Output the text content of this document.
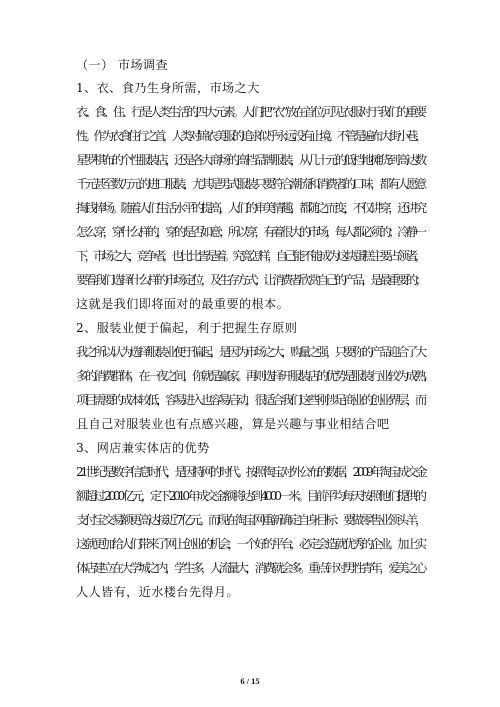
（一） 市场调查
1、衣、食乃生身所需，市场之大
衣、食、住、行是人类生活的四大元素。人们把“衣”放在首位,可见衣服对于我们的重要
性。作为衣食住行之首，人类对锦衣美服的追求似乎永远没有止境。不管是遍布大街小巷、
星罗棋布的个性服装店，还是各大商场的高档品牌服装，从几十元的低档地摊货到高达数
千元甚至数万元的进口服装，尤其是男式服装只要符合潮流和消费者的口味，都有人愿意
掏钱捧场。随着人们生活水平的提高，人们的审美情趣，都随之而变，不仅讲穿，还讲究
怎么穿，穿什么样的，穿的是否如意；所以穿，有着很大的市场，每人都必须的；冷静一
下，市场之大，竞争者，也比比皆是着。究竟怎样，自己能不能成为这块蛋糕主要占领者，
要看我们选择什么样的市场定位，及生存方式；让消费者欣赏自己的产品，是最重要的；
这就是我们即将面对的最重要的根本。
2、服装业便于偏起，利于把握生存原则
我之所以认为选择服装业便于偏起，是因为市场之大，购量之强，只要你的产品迎合了大
多的消费群体，在一夜之间，你就是赢家。再则选择开服装店的优势是服装行业较为成熟,
项目需要的成本较低，容易进入也容易启动，很适合我们这些刚涉足商业的创业界层，而
且自己对服装业也有点感兴趣，算是兴趣与事业相结合吧
3、网店兼实体店的优势
21 世纪是数字信息时代，是因特网的时代。按照淘宝对外公布的数据，2009 年淘宝成交金
额超过 2000 亿元，定下 2010 年成交金额将达到 4000 一米。目前平均每天按照他们提供的
支付宝交易额更高达接近 7 亿元。而现在淘宝网重新确定自身目标：要做零售业领头羊，
这就更加给人们带来了网上创业的机会，一个好的平台，必定会造就优秀的企业。加上实
体店建立在大学城之内，学生多，人流量大，消费就会多。重点针对男性青年，爱美之心
人人皆有，近水楼台先得月。
6 / 15
